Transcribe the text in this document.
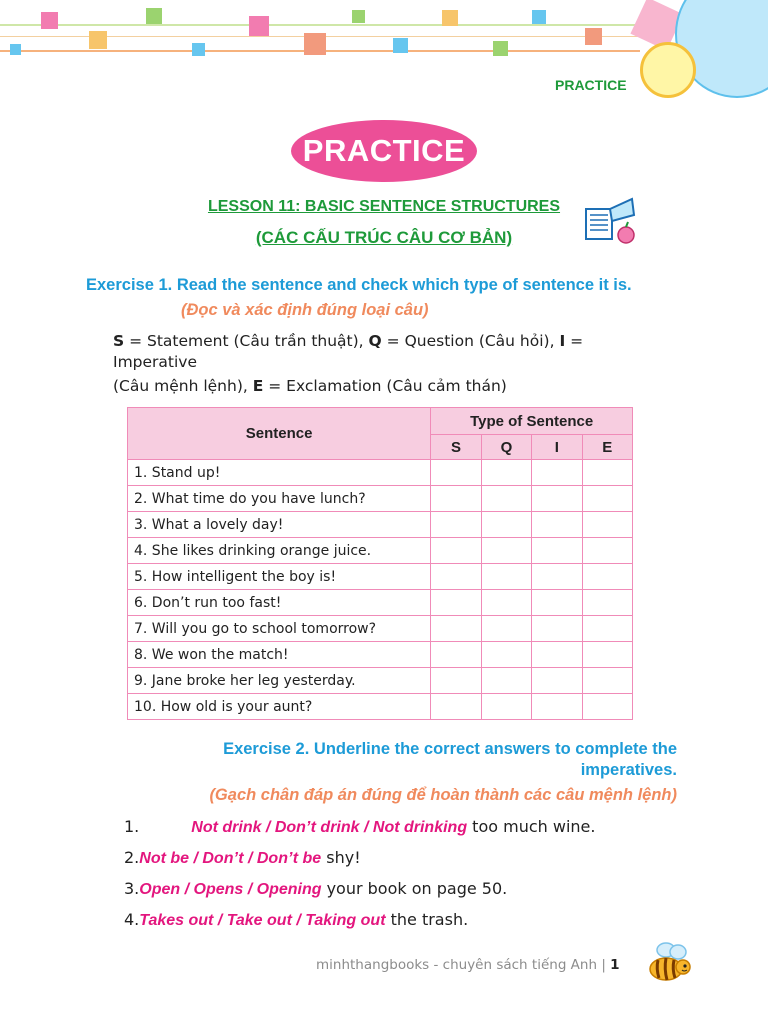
PRACTICE
PRACTICE
LESSON 11: BASIC SENTENCE STRUCTURES
(CÁC CẤU TRÚC CÂU CƠ BẢN)
Exercise 1. Read the sentence and check which type of sentence it is.
(Đọc và xác định đúng loại câu)
S = Statement (Câu trần thuật), Q = Question (Câu hỏi), I =
Imperative
(Câu mệnh lệnh), E = Exclamation (Câu cảm thán)
Sentence	Type of Sentence			
	S	Q	I	E
1. Stand up!				
2. What time do you have lunch?				
3. What a lovely day!				
4. She likes drinking orange juice.				
5. How intelligent the boy is!				
6. Don’t run too fast!				
7. Will you go to school tomorrow?				
8. We won the match!				
9. Jane broke her leg yesterday.				
10. How old is your aunt?				
Exercise 2. Underline the correct answers to complete the
imperatives.
(Gạch chân đáp án đúng để hoàn thành các câu mệnh lệnh)
1.	Not drink / Don’t drink / Not drinking too much wine.
2.Not be / Don’t / Don’t be shy!
3.Open / Opens / Opening your book on page 50.
4.Takes out / Take out / Taking out the trash.
minhthangbooks - chuyên sách tiếng Anh | 1
